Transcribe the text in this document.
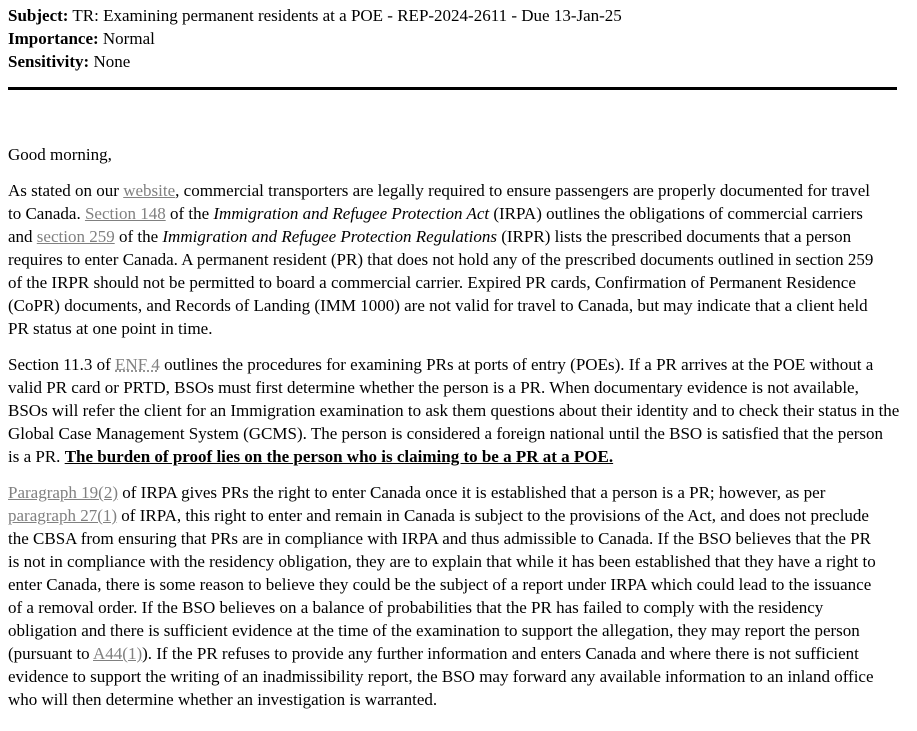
Subject: TR: Examining permanent residents at a POE - REP-2024-2611 - Due 13-Jan-25
Importance: Normal
Sensitivity: None
Good morning,
As stated on our website, commercial transporters are legally required to ensure passengers are properly documented for travel
to Canada. Section 148 of the Immigration and Refugee Protection Act (IRPA) outlines the obligations of commercial carriers
and section 259 of the Immigration and Refugee Protection Regulations (IRPR) lists the prescribed documents that a person
requires to enter Canada. A permanent resident (PR) that does not hold any of the prescribed documents outlined in section 259
of the IRPR should not be permitted to board a commercial carrier. Expired PR cards, Confirmation of Permanent Residence
(CoPR) documents, and Records of Landing (IMM 1000) are not valid for travel to Canada, but may indicate that a client held
PR status at one point in time.
Section 11.3 of ENF 4 outlines the procedures for examining PRs at ports of entry (POEs). If a PR arrives at the POE without a
valid PR card or PRTD, BSOs must first determine whether the person is a PR. When documentary evidence is not available,
BSOs will refer the client for an Immigration examination to ask them questions about their identity and to check their status in the
Global Case Management System (GCMS). The person is considered a foreign national until the BSO is satisfied that the person
is a PR. The burden of proof lies on the person who is claiming to be a PR at a POE.
Paragraph 19(2) of IRPA gives PRs the right to enter Canada once it is established that a person is a PR; however, as per
paragraph 27(1) of IRPA, this right to enter and remain in Canada is subject to the provisions of the Act, and does not preclude
the CBSA from ensuring that PRs are in compliance with IRPA and thus admissible to Canada. If the BSO believes that the PR
is not in compliance with the residency obligation, they are to explain that while it has been established that they have a right to
enter Canada, there is some reason to believe they could be the subject of a report under IRPA which could lead to the issuance
of a removal order. If the BSO believes on a balance of probabilities that the PR has failed to comply with the residency
obligation and there is sufficient evidence at the time of the examination to support the allegation, they may report the person
(pursuant to A44(1)). If the PR refuses to provide any further information and enters Canada and where there is not sufficient
evidence to support the writing of an inadmissibility report, the BSO may forward any available information to an inland office
who will then determine whether an investigation is warranted.
